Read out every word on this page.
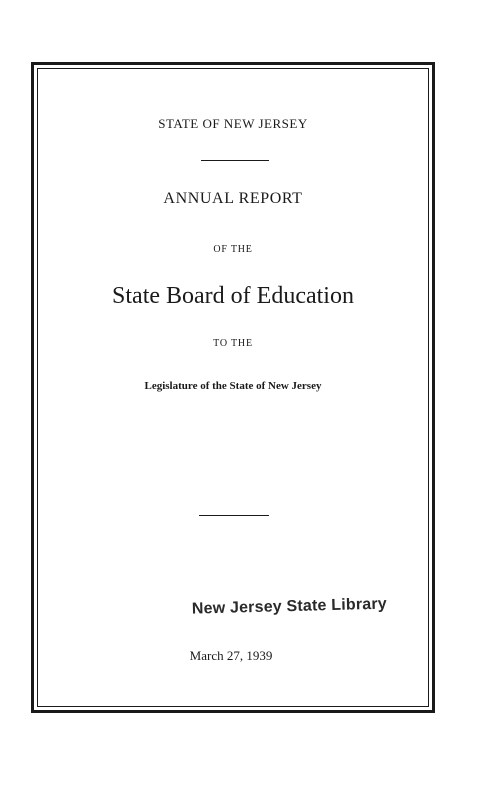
STATE OF NEW JERSEY
ANNUAL REPORT
OF THE
State Board of Education
TO THE
Legislature of the State of New Jersey
New Jersey State Library
March 27, 1939
